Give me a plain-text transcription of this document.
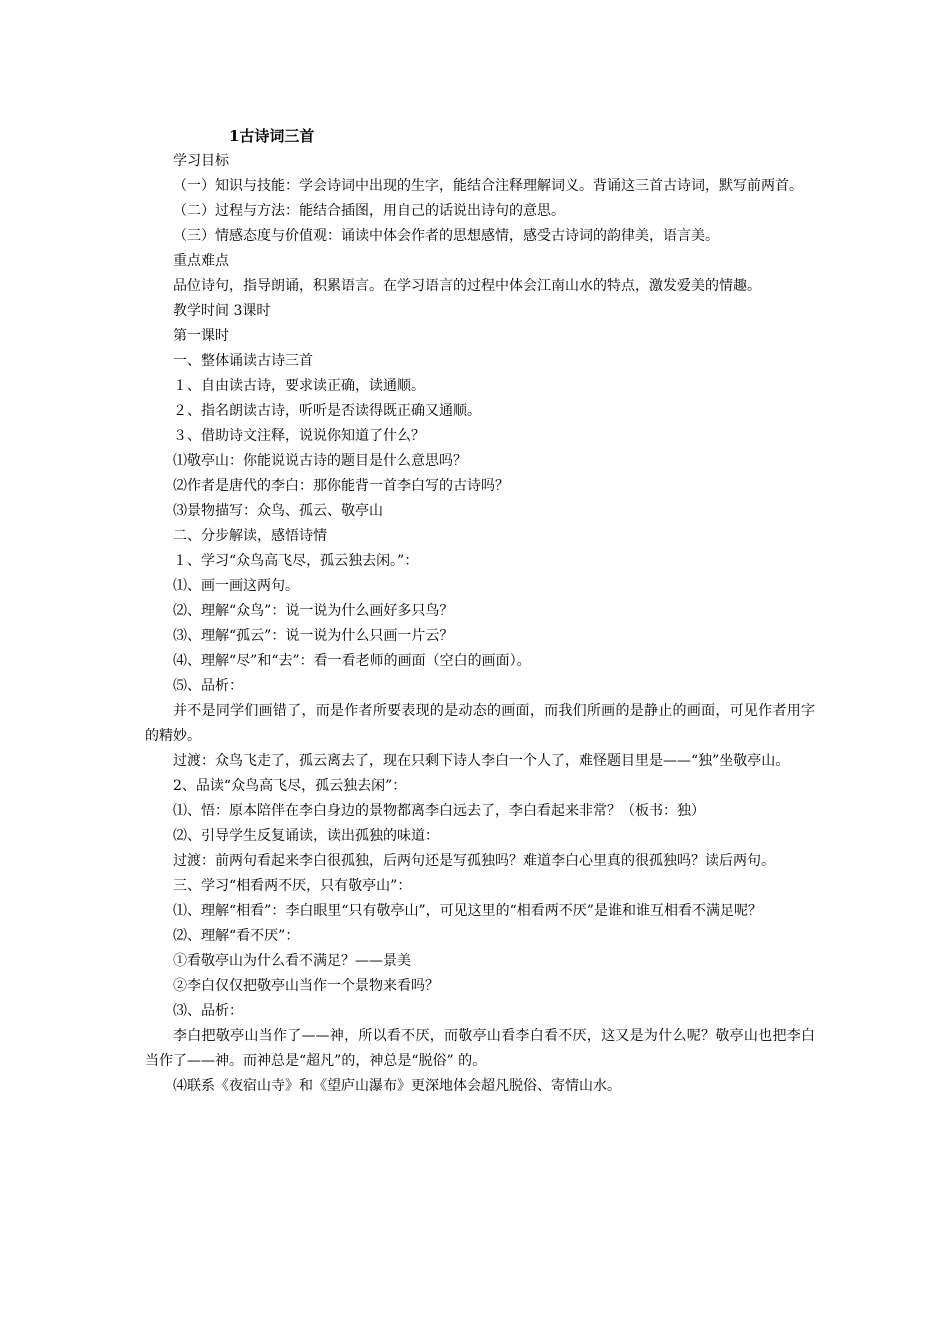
1古诗词三首
学习目标

（一）知识与技能：学会诗词中出现的生字，能结合注释理解词义。背诵这三首古诗词，默写前两首。

（二）过程与方法：能结合插图，用自己的话说出诗句的意思。
（三）情感态度与价值观：诵读中体会作者的思想感情，感受古诗词的韵律美，语言美。
重点难点

品位诗句，指导朗诵，积累语言。在学习语言的过程中体会江南山水的特点，激发爱美的情趣。

教学时间 3课时
第一课时
一、整体诵读古诗三首
１、自由读古诗，要求读正确，读通顺。
２、指名朗读古诗，听听是否读得既正确又通顺。
３、借助诗文注释，说说你知道了什么？
⑴敬亭山：你能说说古诗的题目是什么意思吗？
⑵作者是唐代的李白：那你能背一首李白写的古诗吗？
⑶景物描写：众鸟、孤云、敬亭山
二、分步解读，感悟诗情
１、学习“众鸟高飞尽，孤云独去闲。”：
⑴、画一画这两句。
⑵、理解“众鸟”：说一说为什么画好多只鸟？
⑶、理解“孤云”：说一说为什么只画一片云？
⑷、理解“尽”和“去”：看一看老师的画面（空白的画面）。
⑸、品析：

并不是同学们画错了，而是作者所要表现的是动态的画面，而我们所画的是静止的画面，可见作者用字的精妙。

过渡：众鸟飞走了，孤云离去了，现在只剩下诗人李白一个人了，难怪题目里是——“独”坐敬亭山。

2、品读“众鸟高飞尽，孤云独去闲”：
⑴、悟：原本陪伴在李白身边的景物都离李白远去了，李白看起来非常？（板书：独）
⑵、引导学生反复诵读，读出孤独的味道：

过渡：前两句看起来李白很孤独，后两句还是写孤独吗？难道李白心里真的很孤独吗？读后两句。

三、学习“相看两不厌，只有敬亭山”：

⑴、理解“相看”：李白眼里“只有敬亭山”，可见这里的“相看两不厌”是谁和谁互相看不满足呢？

⑵、理解“看不厌”：
①看敬亭山为什么看不满足？——景美
②李白仅仅把敬亭山当作一个景物来看吗？
⑶、品析：

李白把敬亭山当作了——神，所以看不厌，而敬亭山看李白看不厌，这又是为什么呢？敬亭山也把李白当作了——神。而神总是“超凡”的，神总是“脱俗” 的。

⑷联系《夜宿山寺》和《望庐山瀑布》更深地体会超凡脱俗、寄情山水。
